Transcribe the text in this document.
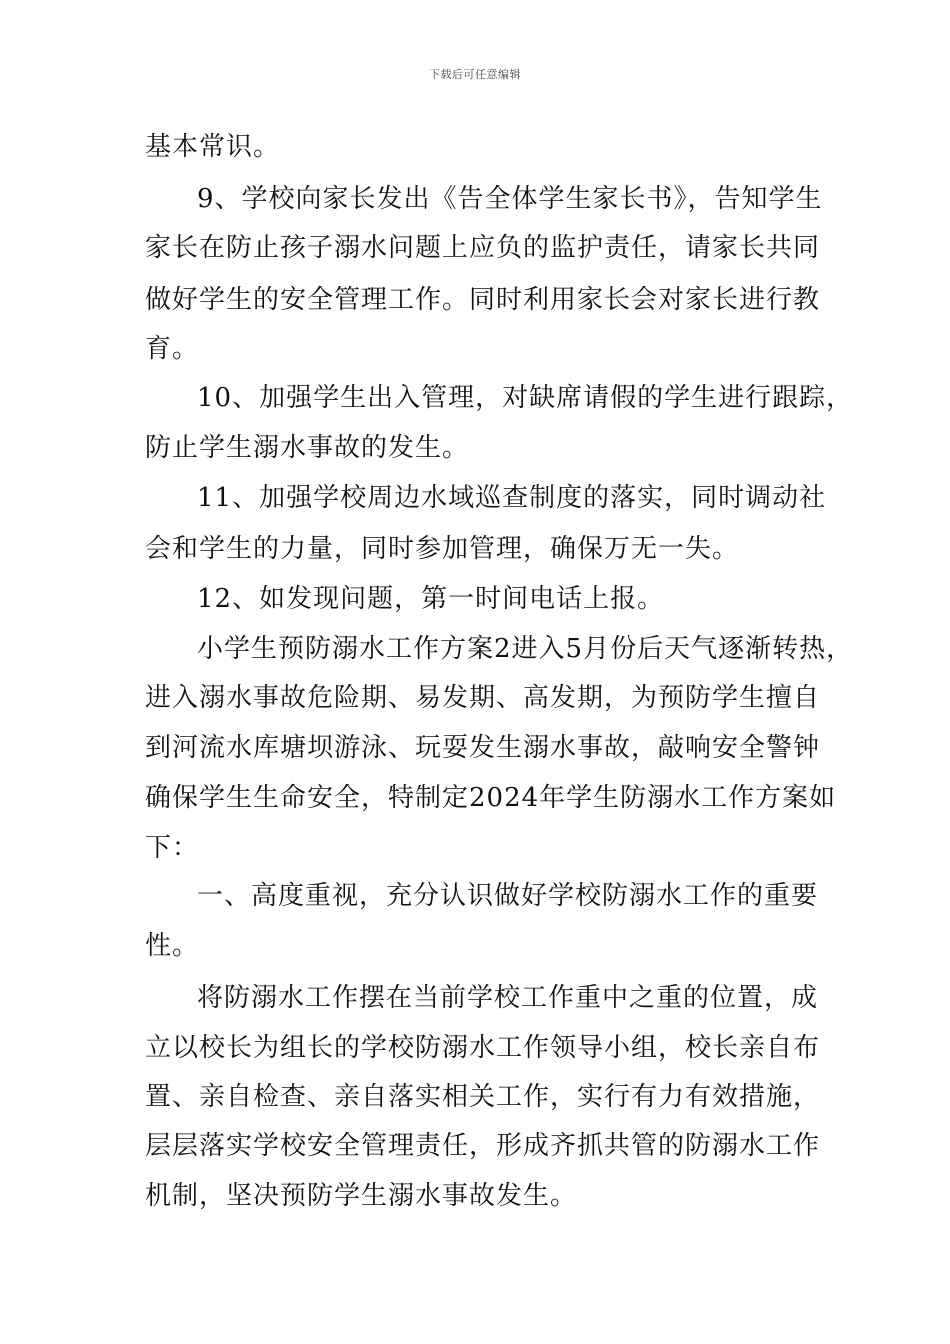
下载后可任意编辑
基本常识。
9、学校向家长发出《告全体学生家长书》，告知学生
家长在防止孩子溺水问题上应负的监护责任，请家长共同
做好学生的安全管理工作。同时利用家长会对家长进行教
育。
10、加强学生出入管理，对缺席请假的学生进行跟踪，
防止学生溺水事故的发生。
11、加强学校周边水域巡查制度的落实，同时调动社
会和学生的力量，同时参加管理，确保万无一失。
12、如发现问题，第一时间电话上报。
小学生预防溺水工作方案2进入5月份后天气逐渐转热，
进入溺水事故危险期、易发期、高发期，为预防学生擅自
到河流水库塘坝游泳、玩耍发生溺水事故，敲响安全警钟
确保学生生命安全，特制定2024年学生防溺水工作方案如
下：
一、高度重视，充分认识做好学校防溺水工作的重要
性。
将防溺水工作摆在当前学校工作重中之重的位置，成
立以校长为组长的学校防溺水工作领导小组，校长亲自布
置、亲自检查、亲自落实相关工作，实行有力有效措施，
层层落实学校安全管理责任，形成齐抓共管的防溺水工作
机制，坚决预防学生溺水事故发生。
